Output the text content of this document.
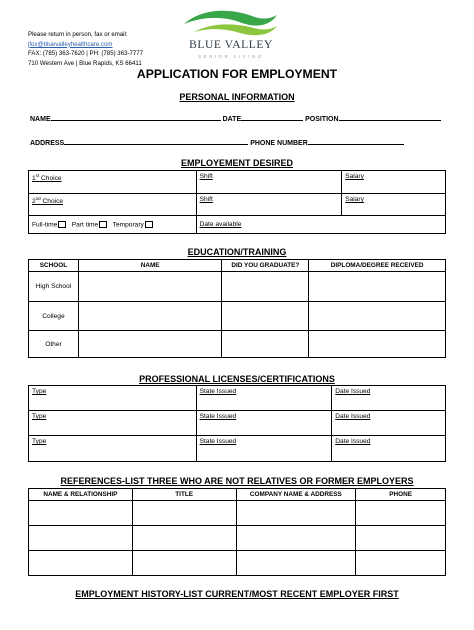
Please return in person, fax or email:
jfox@bluevalleyhealthcare.com
FAX: (785) 363-7620 | PH: (785) 363-7777
710 Western Ave | Blue Rapids, KS 66411
BLUE VALLEY
SENIOR LIVING
APPLICATION FOR EMPLOYMENT
PERSONAL INFORMATION
NAME	DATE	POSITION
ADDRESS	PHONE NUMBER
EMPLOYEMENT DESIRED
1st Choice	Shift	Salary
2nd Choice	Shift	Salary
Full-time Part time Temporary	Date available	
EDUCATION/TRAINING
SCHOOL	NAME	DID YOU GRADUATE?	DIPLOMA/DEGREE RECEIVED
High School			
College			
Other			
PROFESSIONAL LICENSES/CERTIFICATIONS
Type	State Issued	Date Issued
Type	State Issued	Date Issued
Type	State Issued	Date Issued
REFERENCES-LIST THREE WHO ARE NOT RELATIVES OR FORMER EMPLOYERS
NAME & RELATIONSHIP	TITLE	COMPANY NAME & ADDRESS	PHONE

EMPLOYMENT HISTORY-LIST CURRENT/MOST RECENT EMPLOYER FIRST
